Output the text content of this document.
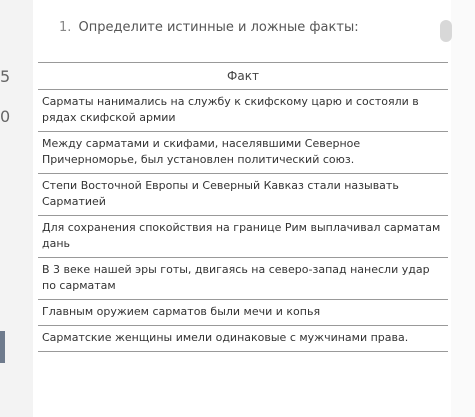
5
0
1. Определите истинные и ложные факты:
Факт
Сарматы нанимались на службу к скифскому царю и состояли в рядах скифской армии
Между сарматами и скифами, населявшими Северное Причерноморье, был установлен политический союз.
Степи Восточной Европы и Северный Кавказ стали называть Сарматией
Для сохранения спокойствия на границе Рим выплачивал сарматам дань
В 3 веке нашей эры готы, двигаясь на северо-запад нанесли удар по сарматам
Главным оружием сарматов были мечи и копья
Сарматские женщины имели одинаковые с мужчинами права.
